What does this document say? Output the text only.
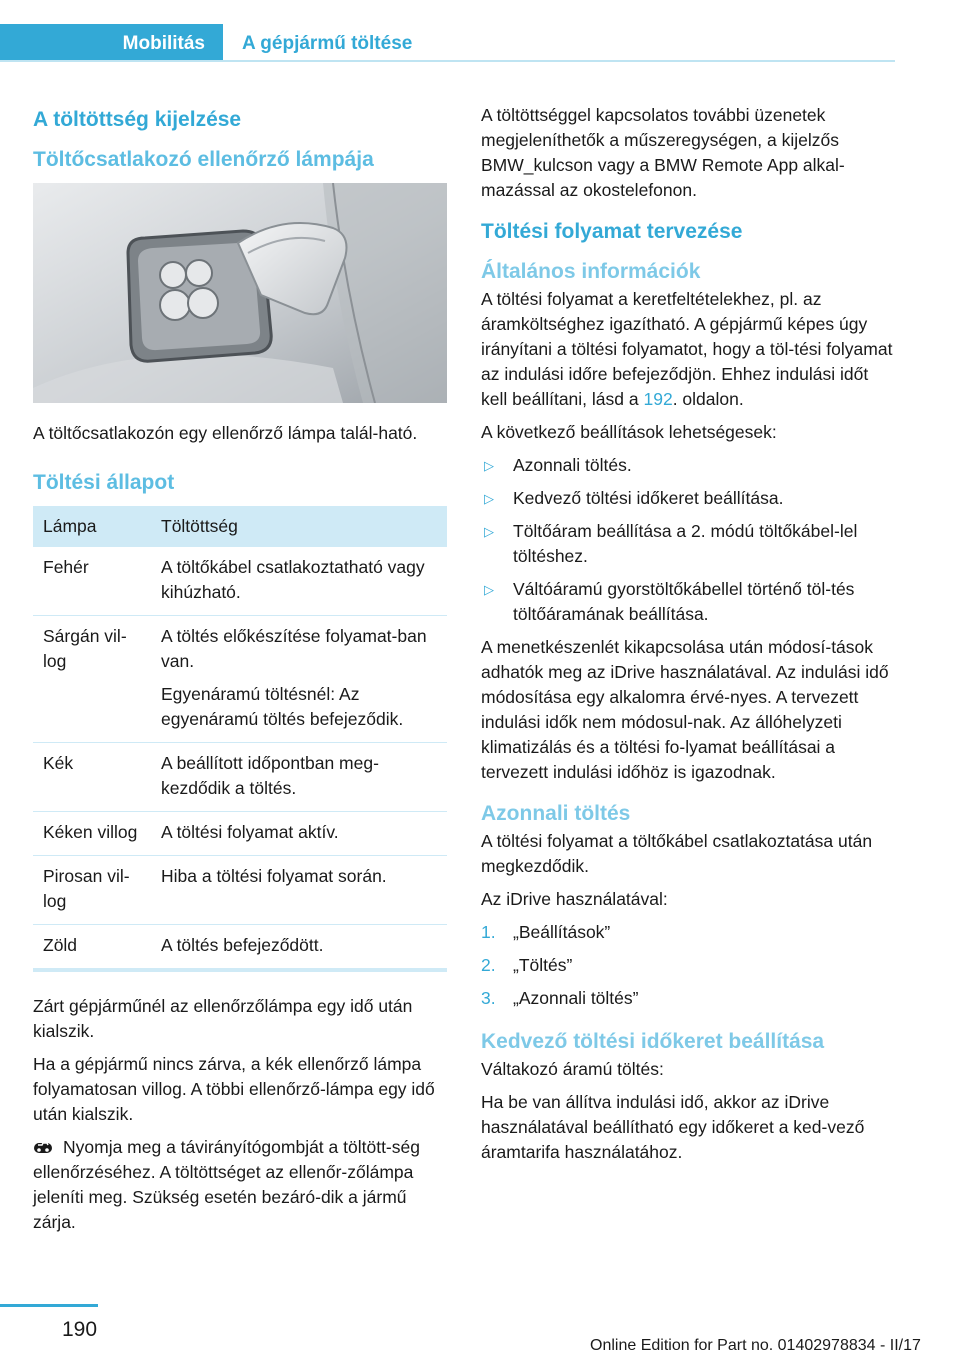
Mobilitás A gépjármű töltése
A töltöttség kijelzése
Töltőcsatlakozó ellenőrző lámpája

A töltőcsatlakozón egy ellenőrző lámpa talál-ható.

Töltési állapot
Lámpa	Töltöttség
Fehér	A töltőkábel csatlakoztatható vagy kihúzható.

Sárgán vil-log	A töltés előkészítése folyamat-ban van.

Egyenáramú töltésnél: Az egyenáramú töltés befejeződik.

Kék	A beállított időpontban meg-kezdődik a töltés.

Kéken villog	A töltési folyamat aktív.

Pirosan vil-log	Hiba a töltési folyamat során.

Zöld	A töltés befejeződött.

Zárt gépjárműnél az ellenőrzőlámpa egy idő után kialszik.

Ha a gépjármű nincs zárva, a kék ellenőrző lámpa folyamatosan villog. A többi ellenőrző-lámpa egy idő után kialszik.

Nyomja meg a távirányítógombját a töltött-ség ellenőrzéséhez. A töltöttséget az ellenőr-zőlámpa jeleníti meg. Szükség esetén bezáró-dik a jármű zárja.

A töltöttséggel kapcsolatos további üzenetek megjeleníthetők a műszeregységen, a kijelzős BMW_kulcson vagy a BMW Remote App alkal-mazással az okostelefonon.

Töltési folyamat tervezése
Általános információk

A töltési folyamat a keretfeltételekhez, pl. az áramköltséghez igazítható. A gépjármű képes úgy irányítani a töltési folyamatot, hogy a töl-tési folyamat az indulási időre befejeződjön. Ehhez indulási időt kell beállítani, lásd a 192. oldalon.

A következő beállítások lehetségesek:

▷ Azonnali töltés.
▷ Kedvező töltési időkeret beállítása.
▷ Töltőáram beállítása a 2. módú töltőkábel-lel töltéshez.
▷ Váltóáramú gyorstöltőkábellel történő töl-tés töltőáramának beállítása.

A menetkészenlét kikapcsolása után módosí-tások adhatók meg az iDrive használatával. Az indulási idő módosítása egy alkalomra érvé-nyes. A tervezett indulási idők nem módosul-nak. Az állóhelyzeti klimatizálás és a töltési fo-lyamat beállításai a tervezett indulási időhöz is igazodnak.

Azonnali töltés

A töltési folyamat a töltőkábel csatlakoztatása után megkezdődik.

Az iDrive használatával:

1. „Beállítások”
2. „Töltés”
3. „Azonnali töltés”
Kedvező töltési időkeret beállítása

Váltakozó áramú töltés:

Ha be van állítva indulási idő, akkor az iDrive használatával beállítható egy időkeret a ked-vező áramtarifa használatához.

190
Online Edition for Part no. 01402978834 - II/17
